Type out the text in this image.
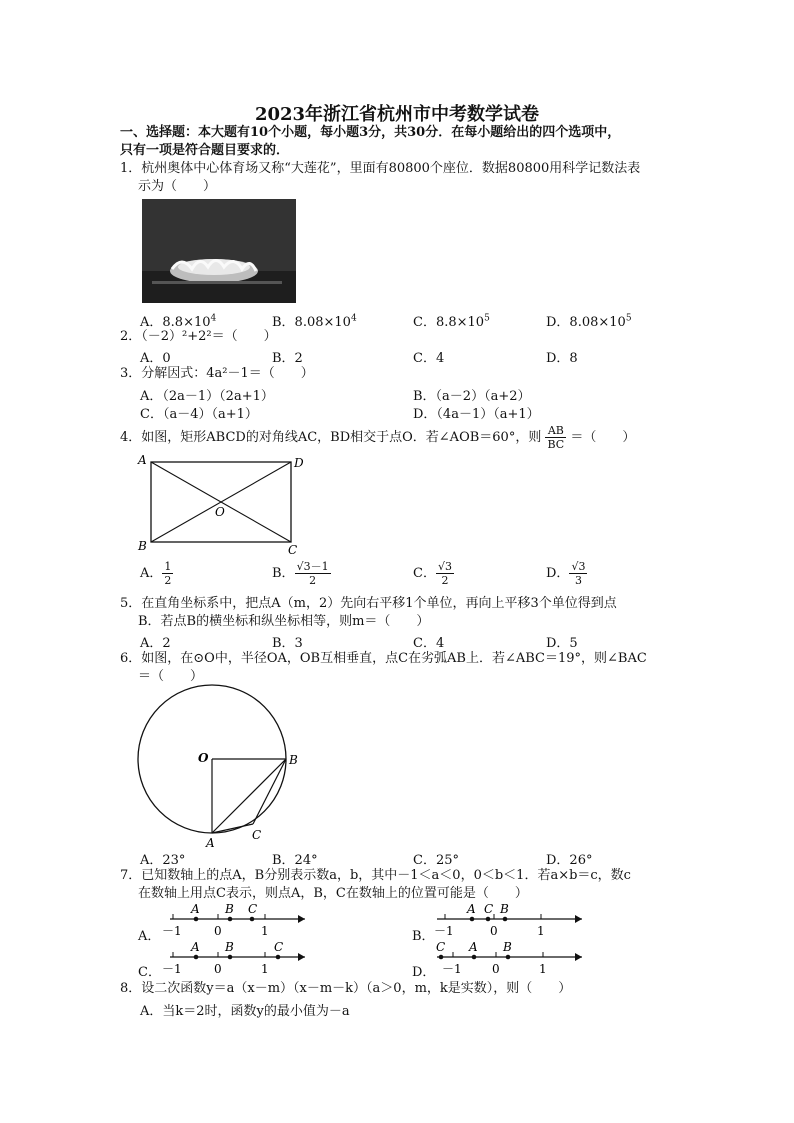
2023年浙江省杭州市中考数学试卷
一、选择题：本大题有10个小题，每小题3分，共30分．在每小题给出的四个选项中，
只有一项是符合题目要求的．
1．杭州奥体中心体育场又称“大莲花”，里面有80800个座位．数据80800用科学记数法表
示为（　　）
A．$8.8\times 10^4$	B．$8.08\times 10^4$	C．$8.8\times 10^5$	D．$8.08\times 10^5$
2．（－2）²+2²＝（　　）
A．0	B．2	C．4	D．8
3．分解因式：4a²－1＝（　　）
A．（2a－1）（2a+1）	B．（a－2）（a+2）
C．（a－4）（a+1）	D．（4a－1）（a+1）
4．如图，矩形ABCD的对角线AC，BD相交于点O．若∠AOB＝60°，则 $\frac{AB}{BC}$ ＝（　　）
A	D
B	C
O
A． $\frac{1}{2}$	B． $\frac{√3-1}{2}$	C． $\frac{√3}{2}$	D． $\frac{√3}{3}$
5．在直角坐标系中，把点A（m，2）先向右平移1个单位，再向上平移3个单位得到点
B．若点B的横坐标和纵坐标相等，则m＝（　　）
A．2	B．3	C．4	D．5
6．如图，在⊙O中，半径OA，OB互相垂直，点C在劣弧AB上．若∠ABC＝19°，则∠BAC
＝（　　）
O	B
C
A
A．23°	B．24°	C．25°	D．26°
7．已知数轴上的点A，B分别表示数a，b，其中－1＜a＜0，0＜b＜1．若a×b＝c，数c
在数轴上用点C表示，则点A，B，C在数轴上的位置可能是（　　）
A．
A B C
－1	0	1	B．
A C B
－1	0	1
C．
A B	C
－1	0	1	D．
C A B
－1	0	1
8．设二次函数y＝a（x－m）（x－m－k）（a＞0，m，k是实数），则（　　）
A．当k＝2时，函数y的最小值为－a
